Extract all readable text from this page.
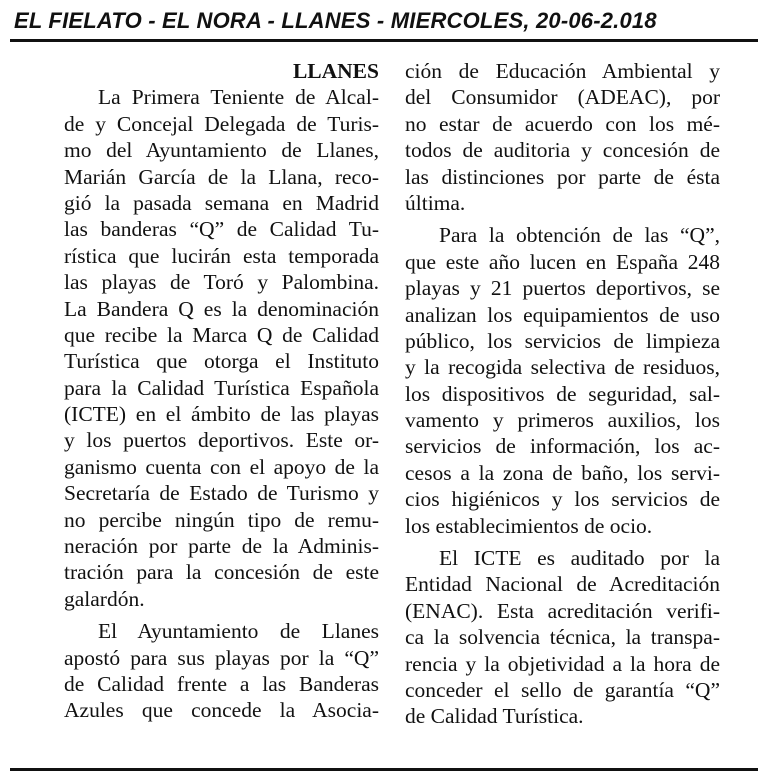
EL FIELATO - EL NORA - LLANES - MIERCOLES, 20-06-2.018
LLANES
La Primera Teniente de Alcal-
de y Concejal Delegada de Turis-
mo del Ayuntamiento de Llanes,
Marián García de la Llana, reco-
gió la pasada semana en Madrid
las banderas “Q” de Calidad Tu-
rística que lucirán esta temporada
las playas de Toró y Palombina.
La Bandera Q es la denominación
que recibe la Marca Q de Calidad
Turística que otorga el Instituto
para la Calidad Turística Española
(ICTE) en el ámbito de las playas
y los puertos deportivos. Este or-
ganismo cuenta con el apoyo de la
Secretaría de Estado de Turismo y
no percibe ningún tipo de remu-
neración por parte de la Adminis-
tración para la concesión de este
galardón.
El Ayuntamiento de Llanes
apostó para sus playas por la “Q”
de Calidad frente a las Banderas
Azules que concede la Asocia-
ción de Educación Ambiental y
del Consumidor (ADEAC), por
no estar de acuerdo con los mé-
todos de auditoria y concesión de
las distinciones por parte de ésta
última.
Para la obtención de las “Q”,
que este año lucen en España 248
playas y 21 puertos deportivos, se
analizan los equipamientos de uso
público, los servicios de limpieza
y la recogida selectiva de residuos,
los dispositivos de seguridad, sal-
vamento y primeros auxilios, los
servicios de información, los ac-
cesos a la zona de baño, los servi-
cios higiénicos y los servicios de
los establecimientos de ocio.
El ICTE es auditado por la
Entidad Nacional de Acreditación
(ENAC). Esta acreditación verifi-
ca la solvencia técnica, la transpa-
rencia y la objetividad a la hora de
conceder el sello de garantía “Q”
de Calidad Turística.
